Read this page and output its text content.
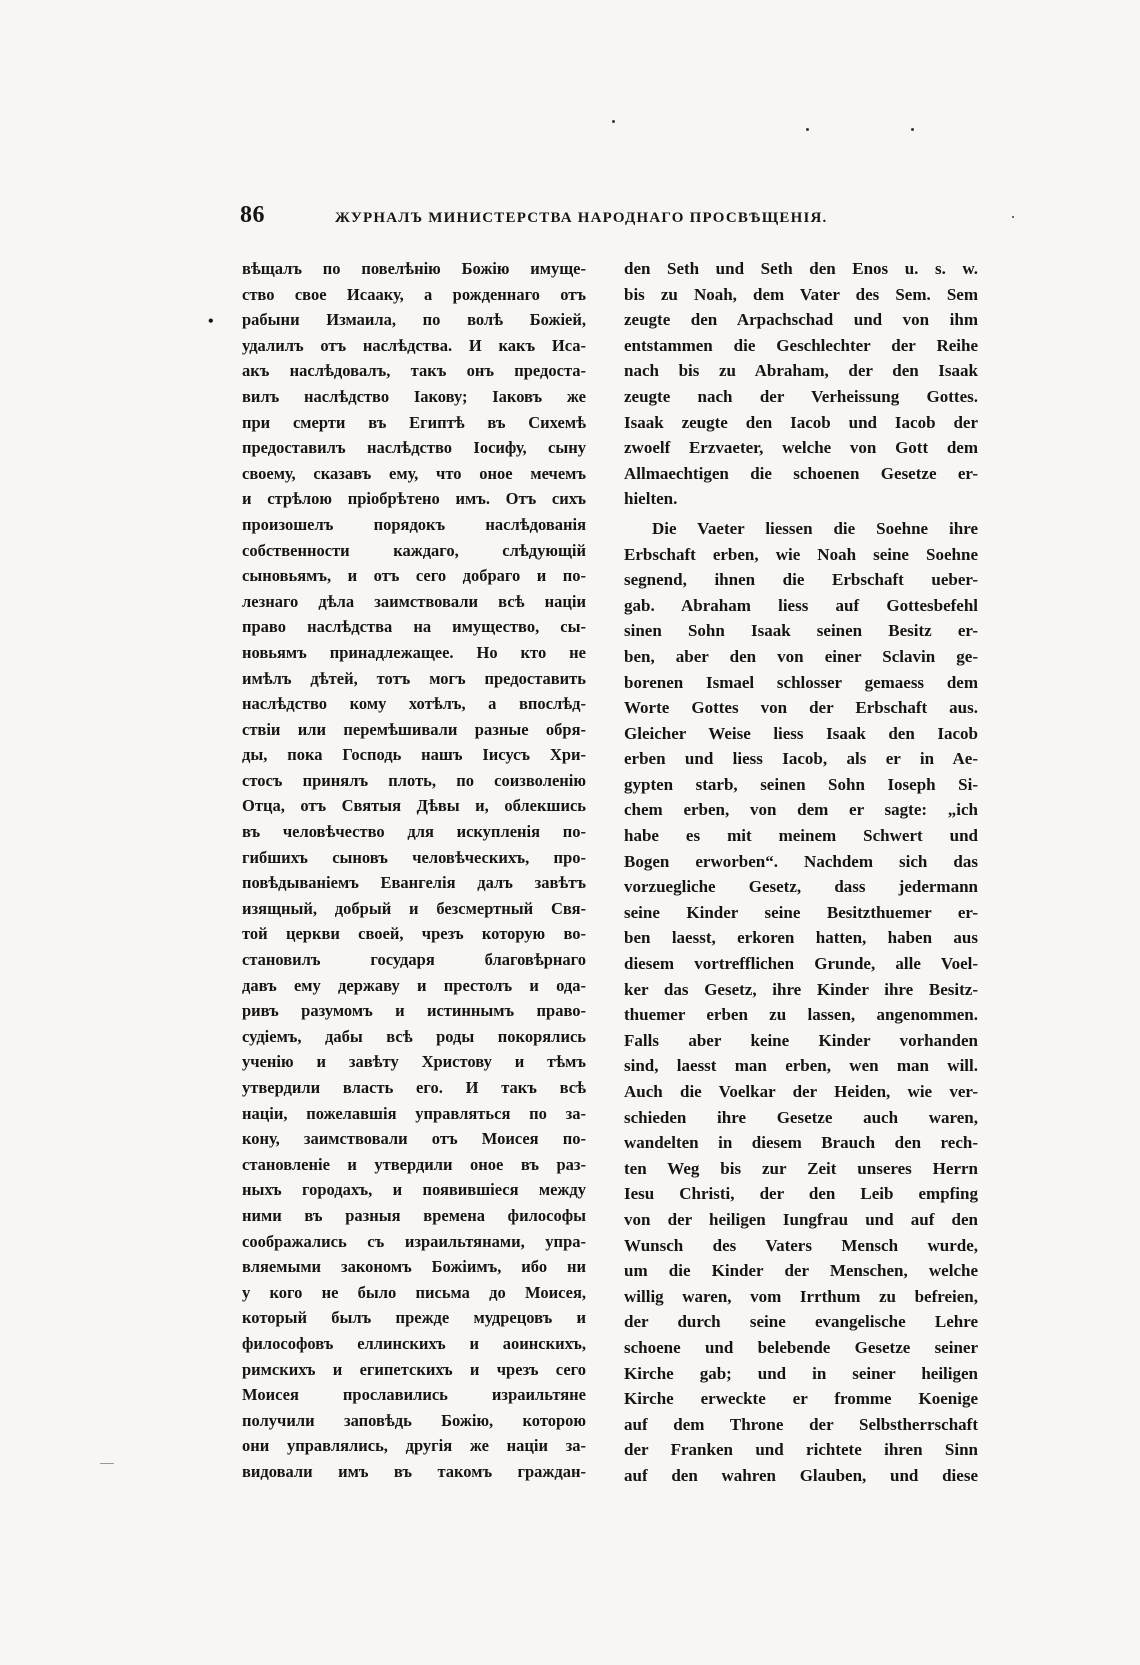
86	ЖУРНАЛЪ МИНИСТЕРСТВА НАРОДНАГО ПРОСВѢЩЕНІЯ.
•
вѣщалъ по повелѣнію Божію имуще-
ство свое Исааку, а рожденнаго отъ
рабыни Измаила, по волѣ Божіей,
удалилъ отъ наслѣдства. И какъ Иса-
акъ наслѣдовалъ, такъ онъ предоста-
вилъ наслѣдство Іакову; Іаковъ же
при смерти въ Египтѣ въ Сихемѣ
предоставилъ наслѣдство Іосифу, сыну
своему, сказавъ ему, что оное мечемъ
и стрѣлою пріобрѣтено имъ. Отъ сихъ
произошелъ порядокъ наслѣдованія
собственности каждаго, слѣдующій
сыновьямъ, и отъ сего добраго и по-
лезнаго дѣла заимствовали всѣ націи
право наслѣдства на имущество, сы-
новьямъ принадлежащее. Но кто не
имѣлъ дѣтей, тотъ могъ предоставить
наслѣдство кому хотѣлъ, а впослѣд-
ствіи или перемѣшивали разные обря-
ды, пока Господь нашъ Іисусъ Хри-
стосъ принялъ плоть, по соизволенію
Отца, отъ Святыя Дѣвы и, облекшись
въ человѣчество для искупленія по-
гибшихъ сыновъ человѣческихъ, про-
повѣдываніемъ Евангелія далъ завѣтъ
изящный, добрый и безсмертный Свя-
той церкви своей, чрезъ которую во-
становилъ государя благовѣрнаго
давъ ему державу и престолъ и ода-
ривъ разумомъ и истиннымъ право-
судіемъ, дабы всѣ роды покорялись
ученію и завѣту Христову и тѣмъ
утвердили власть его. И такъ всѣ
націи, пожелавшія управляться по за-
кону, заимствовали отъ Моисея по-
становленіе и утвердили оное въ раз-
ныхъ городахъ, и появившіеся между
ними въ разныя времена философы
соображались съ израильтянами, упра-
вляемыми закономъ Божіимъ, ибо ни
у кого не было письма до Моисея,
который былъ прежде мудрецовъ и
философовъ еллинскихъ и аоинскихъ,
римскихъ и египетскихъ и чрезъ сего
Моисея прославились израильтяне
получили заповѣдь Божію, которою
они управлялись, другія же націи за-
видовали имъ въ такомъ граждан-
den Seth und Seth den Enos u. s. w.
bis zu Noah, dem Vater des Sem. Sem
zeugte den Arpachschad und von ihm
entstammen die Geschlechter der Reihe
nach bis zu Abraham, der den Isaak
zeugte nach der Verheissung Gottes.
Isaak zeugte den Iacob und Iacob der
zwoelf Erzvaeter, welche von Gott dem
Allmaechtigen die schoenen Gesetze er-
hielten.
Die Vaeter liessen die Soehne ihre
Erbschaft erben, wie Noah seine Soehne
segnend, ihnen die Erbschaft ueber-
gab. Abraham liess auf Gottesbefehl
sinen Sohn Isaak seinen Besitz er-
ben, aber den von einer Sclavin ge-
borenen Ismael schlosser gemaess dem
Worte Gottes von der Erbschaft aus.
Gleicher Weise liess Isaak den Iacob
erben und liess Iacob, als er in Ae-
gypten starb, seinen Sohn Ioseph Si-
chem erben, von dem er sagte: „ich
habe es mit meinem Schwert und
Bogen erworben“. Nachdem sich das
vorzuegliche Gesetz, dass jedermann
seine Kinder seine Besitzthuemer er-
ben laesst, erkoren hatten, haben aus
diesem vortrefflichen Grunde, alle Voel-
ker das Gesetz, ihre Kinder ihre Besitz-
thuemer erben zu lassen, angenommen.
Falls aber keine Kinder vorhanden
sind, laesst man erben, wen man will.
Auch die Voelkar der Heiden, wie ver-
schieden ihre Gesetze auch waren,
wandelten in diesem Brauch den rech-
ten Weg bis zur Zeit unseres Herrn
Iesu Christi, der den Leib empfing
von der heiligen Iungfrau und auf den
Wunsch des Vaters Mensch wurde,
um die Kinder der Menschen, welche
willig waren, vom Irrthum zu befreien,
der durch seine evangelische Lehre
schoene und belebende Gesetze seiner
Kirche gab; und in seiner heiligen
Kirche erweckte er fromme Koenige
auf dem Throne der Selbstherrschaft
der Franken und richtete ihren Sinn
auf den wahren Glauben, und diese
